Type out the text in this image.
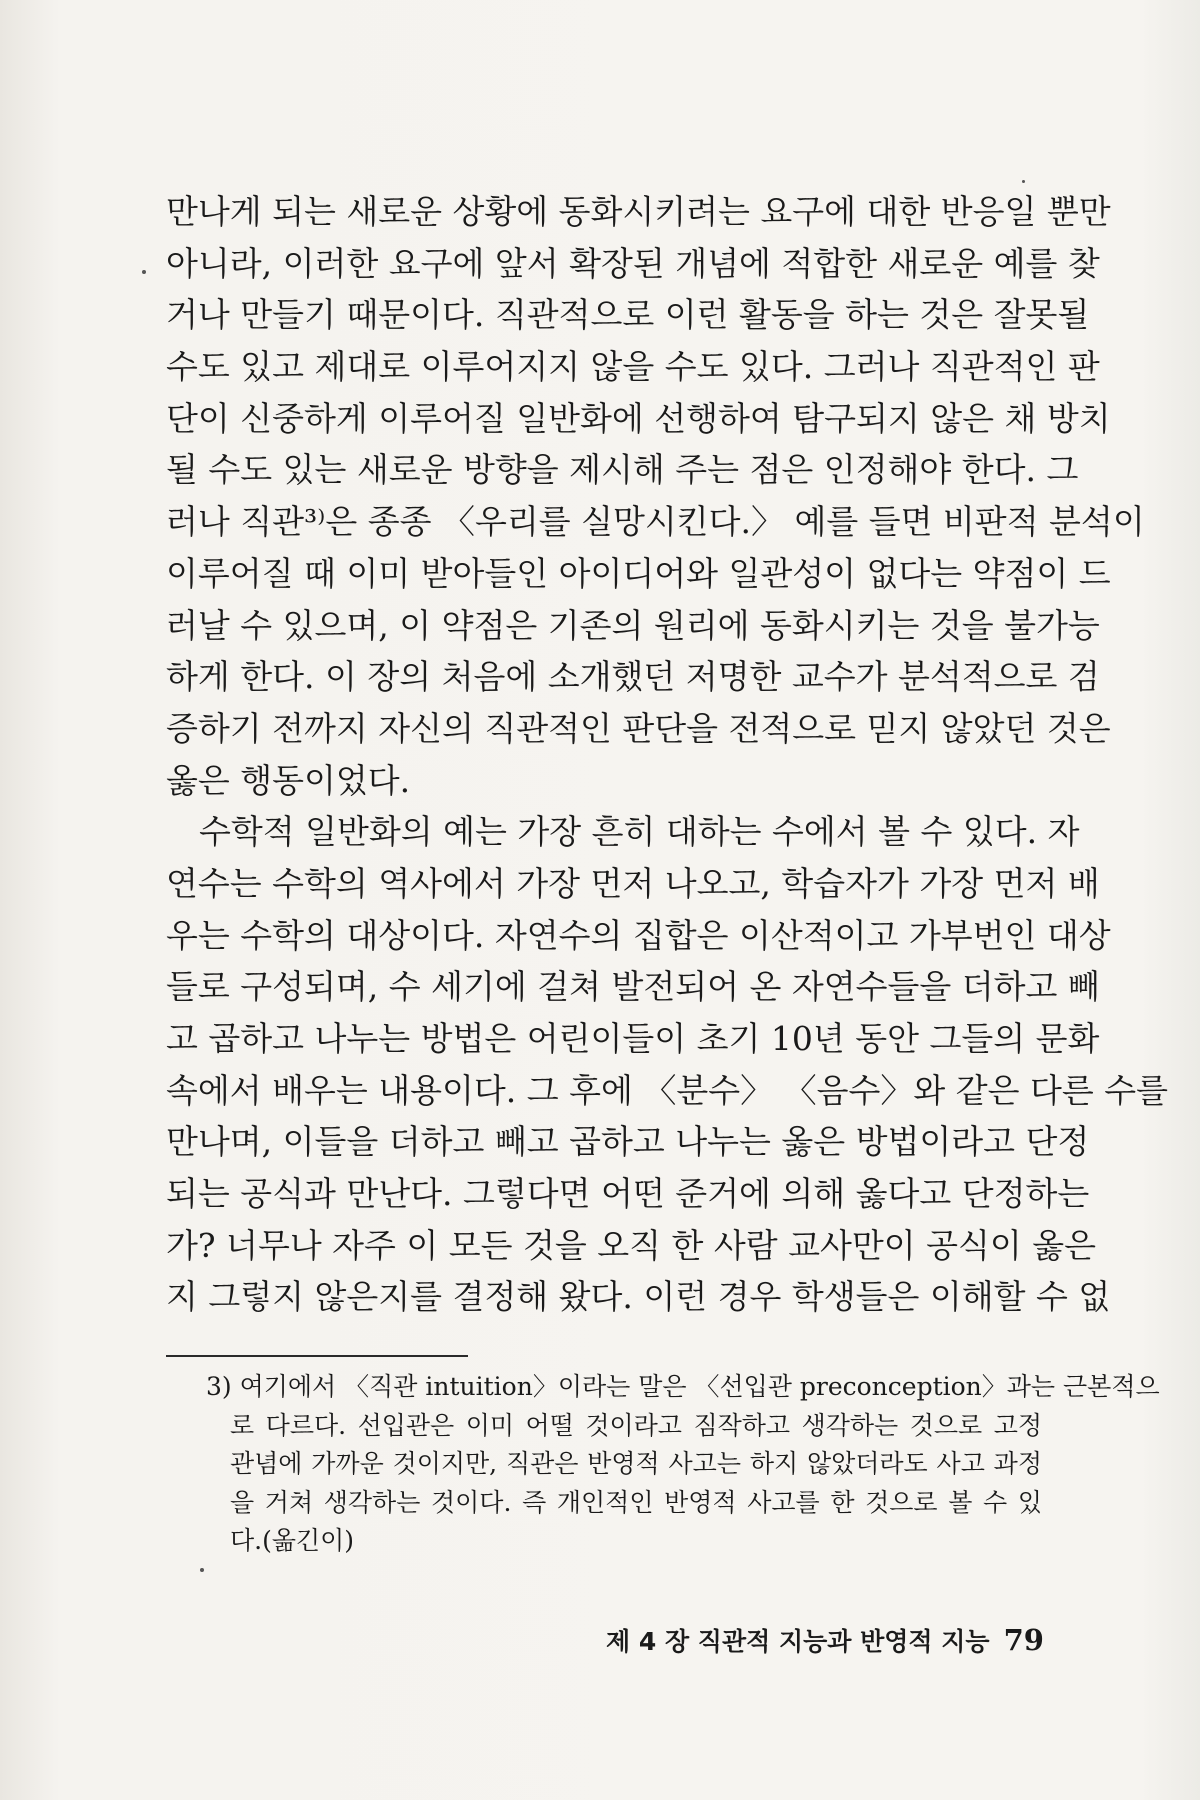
만나게 되는 새로운 상황에 동화시키려는 요구에 대한 반응일 뿐만
아니라, 이러한 요구에 앞서 확장된 개념에 적합한 새로운 예를 찾
거나 만들기 때문이다. 직관적으로 이런 활동을 하는 것은 잘못될
수도 있고 제대로 이루어지지 않을 수도 있다. 그러나 직관적인 판
단이 신중하게 이루어질 일반화에 선행하여 탐구되지 않은 채 방치
될 수도 있는 새로운 방향을 제시해 주는 점은 인정해야 한다. 그
러나 직관³⁾은 종종 〈우리를 실망시킨다.〉 예를 들면 비판적 분석이
이루어질 때 이미 받아들인 아이디어와 일관성이 없다는 약점이 드
러날 수 있으며, 이 약점은 기존의 원리에 동화시키는 것을 불가능
하게 한다. 이 장의 처음에 소개했던 저명한 교수가 분석적으로 검
증하기 전까지 자신의 직관적인 판단을 전적으로 믿지 않았던 것은
옳은 행동이었다.
수학적 일반화의 예는 가장 흔히 대하는 수에서 볼 수 있다. 자
연수는 수학의 역사에서 가장 먼저 나오고, 학습자가 가장 먼저 배
우는 수학의 대상이다. 자연수의 집합은 이산적이고 가부번인 대상
들로 구성되며, 수 세기에 걸쳐 발전되어 온 자연수들을 더하고 빼
고 곱하고 나누는 방법은 어린이들이 초기 10년 동안 그들의 문화
속에서 배우는 내용이다. 그 후에 〈분수〉 〈음수〉와 같은 다른 수를
만나며, 이들을 더하고 빼고 곱하고 나누는 옳은 방법이라고 단정
되는 공식과 만난다. 그렇다면 어떤 준거에 의해 옳다고 단정하는
가? 너무나 자주 이 모든 것을 오직 한 사람 교사만이 공식이 옳은
지 그렇지 않은지를 결정해 왔다. 이런 경우 학생들은 이해할 수 없
3) 여기에서 〈직관 intuition〉이라는 말은 〈선입관 preconception〉과는 근본적으
로 다르다. 선입관은 이미 어떨 것이라고 짐작하고 생각하는 것으로 고정
관념에 가까운 것이지만, 직관은 반영적 사고는 하지 않았더라도 사고 과정
을 거쳐 생각하는 것이다. 즉 개인적인 반영적 사고를 한 것으로 볼 수 있
다.(옮긴이)
제 4 장 직관적 지능과 반영적 지능 79
